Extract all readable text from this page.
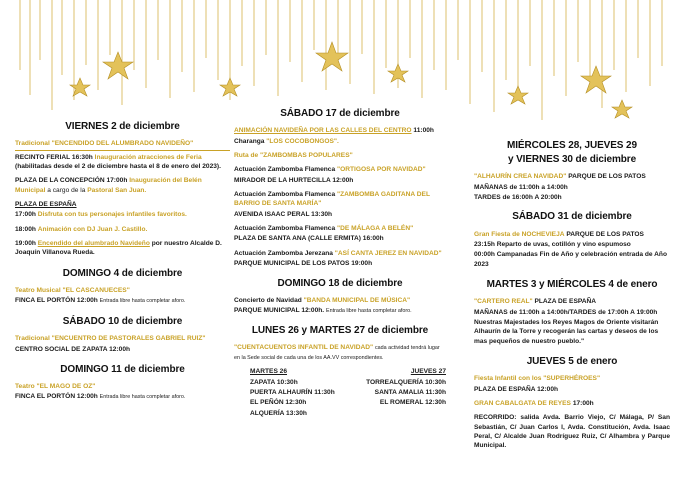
VIERNES 2 de diciembre

Tradicional "ENCENDIDO DEL ALUMBRADO NAVIDEÑO"

RECINTO FERIAL 16:30h Inauguración atracciones de Feria (habilitadas desde el 2 de diciembre hasta el 8 de enero del 2023).

PLAZA DE LA CONCEPCIÓN 17:00h Inauguración del Belén Municipal a cargo de la Pastoral San Juan.

PLAZA DE ESPAÑA

17:00h Disfruta con tus personajes infantiles favoritos.

18:00h Animación con DJ Juan J. Castillo.

19:00h Encendido del alumbrado Navideño por nuestro Alcalde D. Joaquín Villanova Rueda.

DOMINGO 4 de diciembre

Teatro Musical "EL CASCANUECES"

FINCA EL PORTÓN 12:00h Entrada libre hasta completar aforo.

SÁBADO 10 de diciembre

Tradicional "ENCUENTRO DE PASTORALES GABRIEL RUIZ"

CENTRO SOCIAL DE ZAPATA 12:00h

DOMINGO 11 de diciembre

Teatro "EL MAGO DE OZ"

FINCA EL PORTÓN 12:00h Entrada libre hasta completar aforo.

SÁBADO 17 de diciembre

ANIMACIÓN NAVIDEÑA POR LAS CALLES DEL CENTRO 11:00h

Charanga "LOS COCOBONGOS".

Ruta de "ZAMBOMBAS POPULARES"

Actuación Zambomba Flamenca "ORTIGOSA POR NAVIDAD"

MIRADOR DE LA HURTECILLA 12:00h

Actuación Zambomba Flamenca "ZAMBOMBA GADITANA DEL BARRIO DE SANTA MARÍA"

AVENIDA ISAAC PERAL 13:30h

Actuación Zambomba Flamenca "DE MÁLAGA A BELÉN"

PLAZA DE SANTA ANA (CALLE ERMITA) 16:00h

Actuación Zambomba Jerezana "ASÍ CANTA JEREZ EN NAVIDAD"

PARQUE MUNICIPAL DE LOS PATOS 19:00h

DOMINGO 18 de diciembre

Concierto de Navidad "BANDA MUNICIPAL DE MÚSICA"

PARQUE MUNICIPAL 12:00h. Entrada libre hasta completar aforo.

LUNES 26 y MARTES 27 de diciembre

"CUENTACUENTOS INFANTIL DE NAVIDAD" cada actividad tendrá lugar en la Sede social de cada una de los AA.VV correspondientes.

MARTES 26

ZAPATA 10:30h

PUERTA ALHAURÍN 11:30h

EL PEÑÓN 12:30h

ALQUERÍA 13:30h

JUEVES 27

TORREALQUERÍA 10:30h

SANTA AMALIA 11:30h

EL ROMERAL 12:30h

MIÉRCOLES 28, JUEVES 29
y VIERNES 30 de diciembre

"ALHAURÍN CREA NAVIDAD" PARQUE DE LOS PATOS

MAÑANAS de 11:00h a 14:00h

TARDES de 16:00h A 20:00h

SÁBADO 31 de diciembre

Gran Fiesta de NOCHEVIEJA PARQUE DE LOS PATOS

23:15h Reparto de uvas, cotillón y vino espumoso

00:00h Campanadas Fin de Año y celebración entrada de Año 2023

MARTES 3 y MIÉRCOLES 4 de enero

"CARTERO REAL" PLAZA DE ESPAÑA

MAÑANAS de 11:00h a 14:00h/TARDES de 17:00h A 19:00h

Nuestras Majestades los Reyes Magos de Oriente visitarán Alhaurín de la Torre y recogerán las cartas y deseos de los mas pequeños de nuestro pueblo."

JUEVES 5 de enero

Fiesta Infantil con los "SUPERHÉROES"

PLAZA DE ESPAÑA 12:00h

GRAN CABALGATA DE REYES 17:00h

RECORRIDO: salida Avda. Barrio Viejo, C/ Málaga, P/ San Sebastián, C/ Juan Carlos I, Avda. Constitución, Avda. Isaac Peral, C/ Alcalde Juan Rodríguez Ruiz, C/ Alhambra y Parque Municipal.
